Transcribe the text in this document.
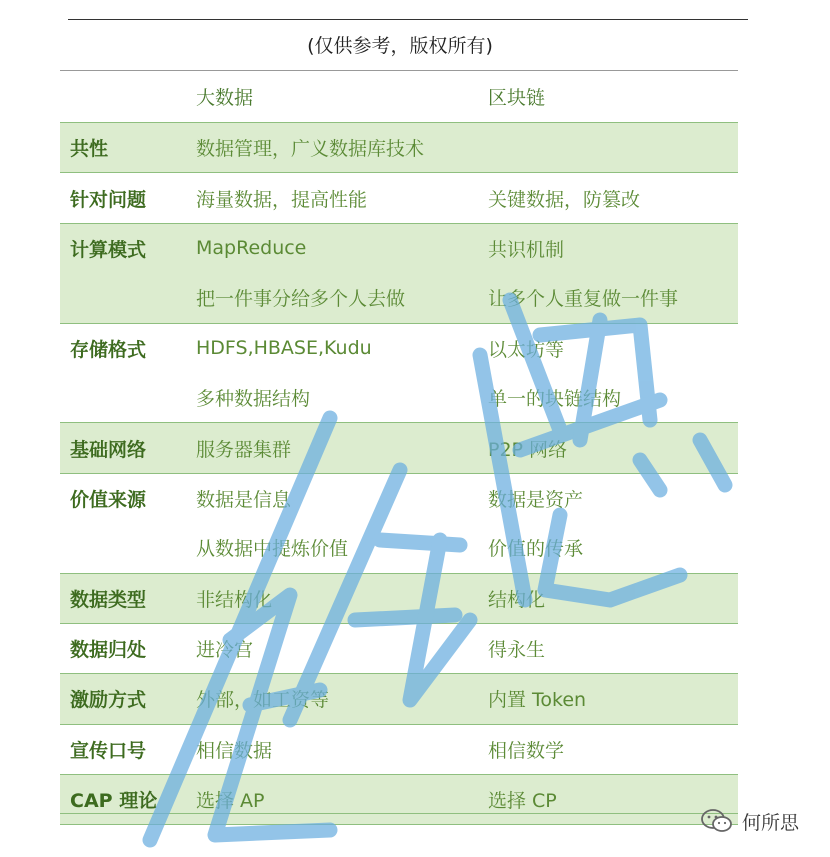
(仅供参考，版权所有)
	大数据	区块链
共性	数据管理，广义数据库技术	
针对问题	海量数据，提高性能	关键数据，防篡改
计算模式	MapReduce	共识机制
	把一件事分给多个人去做	让多个人重复做一件事
存储格式	HDFS,HBASE,Kudu	以太坊等
	多种数据结构	单一的块链结构
基础网络	服务器集群	P2P 网络
价值来源	数据是信息	数据是资产
	从数据中提炼价值	价值的传承
数据类型	非结构化	结构化
数据归处	进冷宫	得永生
激励方式	外部，如工资等	内置 Token
宣传口号	相信数据	相信数学
CAP 理论	选择 AP	选择 CP
何所思
